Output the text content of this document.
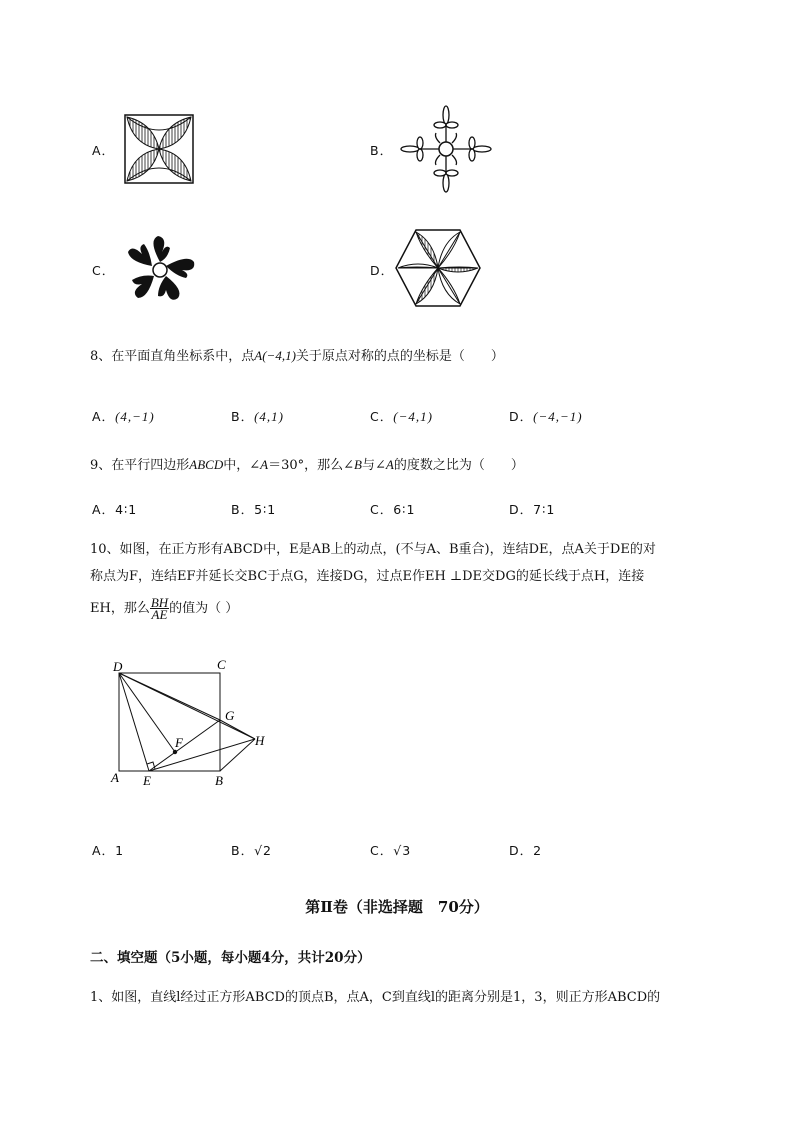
A．	B．
C．	D．
8、在平面直角坐标系中，点A(−4,1)关于原点对称的点的坐标是（　　）
A．(4,−1)	B．(4,1)	C．(−4,1)	D．(−4,−1)
9、在平行四边形ABCD中，∠A＝30°，那么∠B与∠A的度数之比为（　　）
A．4∶1	B．5∶1	C．6∶1	D．7∶1
10、如图，在正方形有ABCD中，E是AB上的动点，(不与A、B重合)，连结DE，点A关于DE的对
称点为F，连结EF并延长交BC于点G，连接DG，过点E作EH ⊥DE交DG的延长线于点H，连接
EH，那么 $\frac{BH}{AE}$ 的值为（ ）
D	C
G
H
F
A E	B
A．1	B．√2	C．√3	D．2
第Ⅱ卷（非选择题　70分）
二、填空题（5小题，每小题4分，共计20分）
1、如图，直线l经过正方形ABCD的顶点B，点A，C到直线l的距离分别是1，3，则正方形ABCD的
